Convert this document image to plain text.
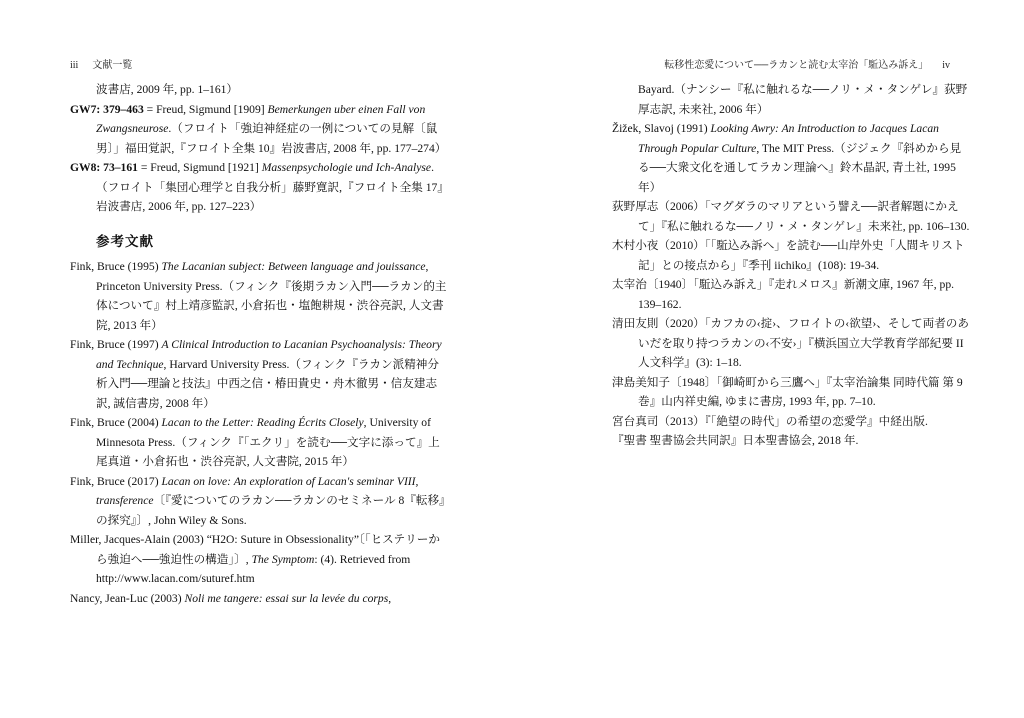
iii 文献一覧	転移性恋愛について──ラカンと読む太宰治「駈込み訴え」 iv
波書店, 2009 年, pp. 1–161）
GW7: 379–463 = Freud, Sigmund [1909] Bemerkungen uber einen Fall von Zwangsneurose.（フロイト「強迫神経症の一例についての見解〔鼠男〕」福田覚訳,『フロイト全集 10』岩波書店, 2008 年, pp. 177–274）
GW8: 73–161 = Freud, Sigmund [1921] Massenpsychologie und Ich-Analyse.（フロイト「集団心理学と自我分析」藤野寛訳,『フロイト全集 17』岩波書店, 2006 年, pp. 127–223）
参考文献
Fink, Bruce (1995) The Lacanian subject: Between language and jouissance, Princeton University Press.（フィンク『後期ラカン入門──ラカン的主体について』村上靖彦監訳, 小倉拓也・塩飽耕規・渋谷亮訳, 人文書院, 2013 年）
Fink, Bruce (1997) A Clinical Introduction to Lacanian Psychoanalysis: Theory and Technique, Harvard University Press.（フィンク『ラカン派精神分析入門──理論と技法』中西之信・椿田貴史・舟木徹男・信友建志訳, 誠信書房, 2008 年）
Fink, Bruce (2004) Lacan to the Letter: Reading Écrits Closely, University of Minnesota Press.（フィンク『「エクリ」を読む──文字に添って』上尾真道・小倉拓也・渋谷亮訳, 人文書院, 2015 年）
Fink, Bruce (2017) Lacan on love: An exploration of Lacan's seminar VIII, transference〔『愛についてのラカン──ラカンのセミネール 8『転移』の探究』〕, John Wiley & Sons.
Miller, Jacques-Alain (2003) “H2O: Suture in Obsessionality”〔「ヒステリーから強迫へ──強迫性の構造」〕, The Symptom: (4). Retrieved from http://www.lacan.com/suturef.htm
Nancy, Jean-Luc (2003) Noli me tangere: essai sur la levée du corps,
Bayard.（ナンシー『私に触れるな──ノリ・メ・タンゲレ』荻野厚志訳, 未来社, 2006 年）
Žižek, Slavoj (1991) Looking Awry: An Introduction to Jacques Lacan Through Popular Culture, The MIT Press.（ジジェク『斜めから見る──大衆文化を通してラカン理論へ』鈴木晶訳, 青土社, 1995 年）
荻野厚志（2006）「マグダラのマリアという譬え──訳者解題にかえて」『私に触れるな──ノリ・メ・タンゲレ』未来社, pp. 106–130.
木村小夜（2010）「「駈込み訴へ」を読む──山岸外史「人間キリスト記」との接点から」『季刊 iichiko』(108): 19-34.
太宰治〔1940〕「駈込み訴え」『走れメロス』新潮文庫, 1967 年, pp. 139–162.
清田友則（2020）「カフカの‹掟›、フロイトの‹欲望›、そして両者のあいだを取り持つラカンの‹不安›」『横浜国立大学教育学部紀要 II 人文科学』(3): 1–18.
津島美知子〔1948〕「御崎町から三鷹へ」『太宰治論集 同時代篇 第 9 巻』山内祥史編, ゆまに書房, 1993 年, pp. 7–10.
宮台真司（2013）『「絶望の時代」の希望の恋愛学』中経出版.
『聖書 聖書協会共同訳』日本聖書協会, 2018 年.
